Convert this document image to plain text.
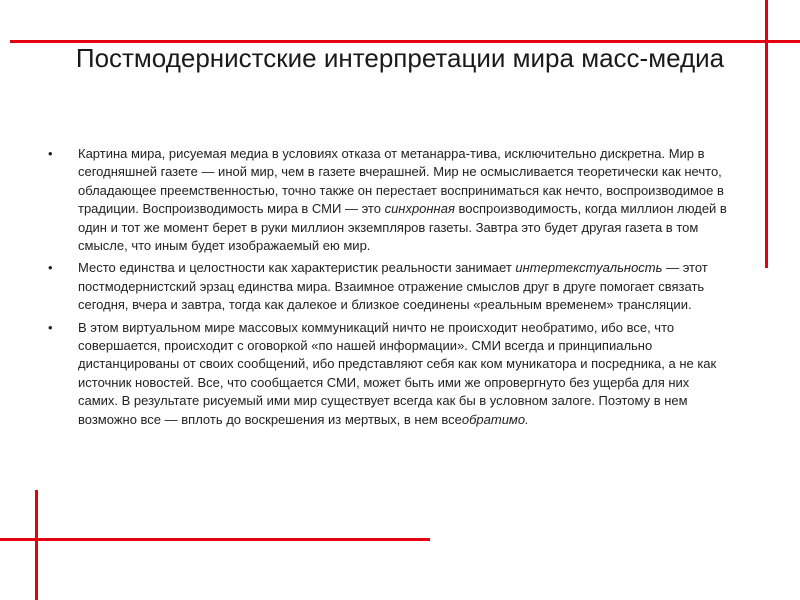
Постмодернистские интерпретации мира масс-медиа
• Картина мира, рисуемая медиа в условиях отказа от метанарра-тива, исключительно дискретна. Мир в сегодняшней газете — иной мир, чем в газете вчерашней. Мир не осмысливается теоретически как нечто, обладающее преемственностью, точно также он перестает восприниматься как нечто, воспроизводимое в традиции. Воспроизводимость мира в СМИ — это синхронная воспроизводимость, когда миллион людей в один и тот же момент берет в руки миллион экземпляров газеты. Завтра это будет другая газета в том смысле, что иным будет изображаемый ею мир.
• Место единства и целостности как характеристик реальности занимает интертекстуальность — этот постмодернистский эрзац единства мира. Взаимное отражение смыслов друг в друге помогает связать сегодня, вчера и завтра, тогда как далекое и близкое соединены «реальным временем» трансляции.
• В этом виртуальном мире массовых коммуникаций ничто не происходит необратимо, ибо все, что совершается, происходит с оговоркой «по нашей информации». СМИ всегда и принципиально дистанцированы от своих сообщений, ибо представляют себя как ком муникатора и посредника, а не как источник новостей. Все, что сообщается СМИ, может быть ими же опровергнуто без ущерба для них самих. В результате рисуемый ими мир существует всегда как бы в условном залоге. Поэтому в нем возможно все — вплоть до воскрешения из мертвых, в нем всеобратимо.
